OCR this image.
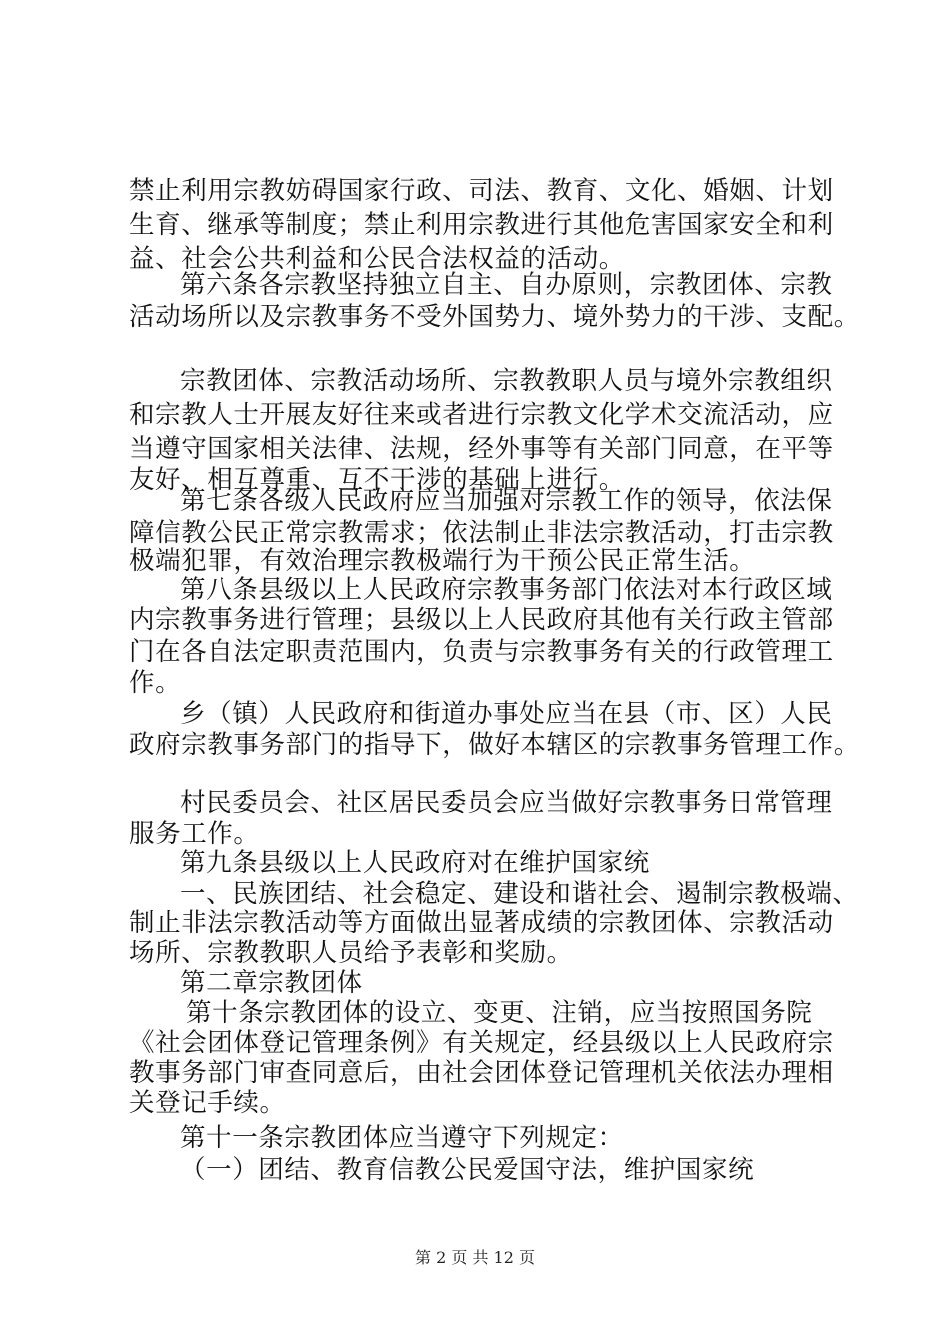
禁止利用宗教妨碍国家行政、司法、教育、文化、婚姻、计划
生育、继承等制度；禁止利用宗教进行其他危害国家安全和利
益、社会公共利益和公民合法权益的活动。
第六条各宗教坚持独立自主、自办原则，宗教团体、宗教
活动场所以及宗教事务不受外国势力、境外势力的干涉、支配。
宗教团体、宗教活动场所、宗教教职人员与境外宗教组织
和宗教人士开展友好往来或者进行宗教文化学术交流活动，应
当遵守国家相关法律、法规，经外事等有关部门同意，在平等
友好、相互尊重、互不干涉的基础上进行。
第七条各级人民政府应当加强对宗教工作的领导，依法保
障信教公民正常宗教需求；依法制止非法宗教活动，打击宗教
极端犯罪，有效治理宗教极端行为干预公民正常生活。
第八条县级以上人民政府宗教事务部门依法对本行政区域
内宗教事务进行管理；县级以上人民政府其他有关行政主管部
门在各自法定职责范围内，负责与宗教事务有关的行政管理工
作。
乡（镇）人民政府和街道办事处应当在县（市、区）人民
政府宗教事务部门的指导下，做好本辖区的宗教事务管理工作。
村民委员会、社区居民委员会应当做好宗教事务日常管理
服务工作。
第九条县级以上人民政府对在维护国家统
一、民族团结、社会稳定、建设和谐社会、遏制宗教极端、
制止非法宗教活动等方面做出显著成绩的宗教团体、宗教活动
场所、宗教教职人员给予表彰和奖励。
第二章宗教团体
第十条宗教团体的设立、变更、注销，应当按照国务院
《社会团体登记管理条例》有关规定，经县级以上人民政府宗
教事务部门审查同意后，由社会团体登记管理机关依法办理相
关登记手续。
第十一条宗教团体应当遵守下列规定：
（一）团结、教育信教公民爱国守法，维护国家统
第 2 页 共 12 页
